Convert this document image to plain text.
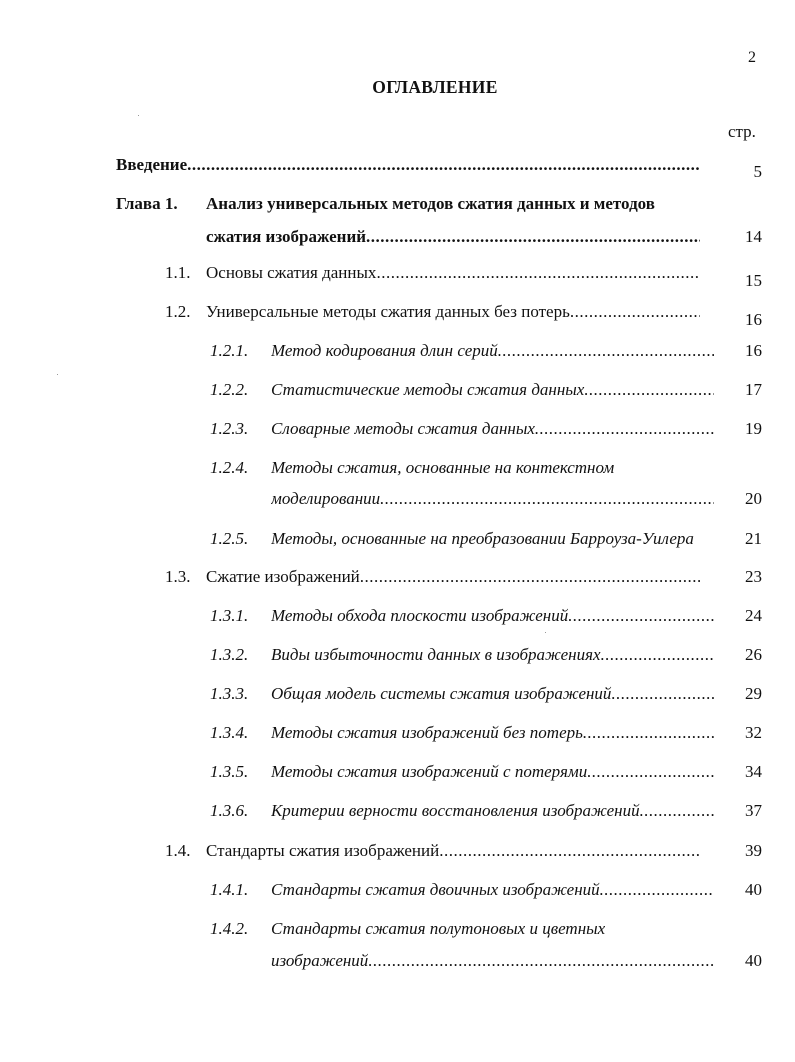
2
ОГЛАВЛЕНИЕ
стр.
Введение .....	5
Глава 1. Анализ универсальных методов сжатия данных и методов
сжатия изображений .....	14
1.1. Основы сжатия данных .....	15
1.2. Универсальные методы сжатия данных без потерь .....	16
1.2.1. Метод кодирования длин серий .....	16
1.2.2. Статистические методы сжатия данных .....	17
1.2.3. Словарные методы сжатия данных .....	19
1.2.4. Методы сжатия, основанные на контекстном
моделировании .....	20
1.2.5. Методы, основанные на преобразовании Барроуза-Уилера	21
1.3. Сжатие изображений .....	23
1.3.1. Методы обхода плоскости изображений .....	24
1.3.2. Виды избыточности данных в изображениях .....	26
1.3.3. Общая модель системы сжатия изображений .....	29
1.3.4. Методы сжатия изображений без потерь .....	32
1.3.5. Методы сжатия изображений с потерями .....	34
1.3.6. Критерии верности восстановления изображений .....	37
1.4. Стандарты сжатия изображений .....	39
1.4.1. Стандарты сжатия двоичных изображений .....	40
1.4.2. Стандарты сжатия полутоновых и цветных
изображений .....	40
